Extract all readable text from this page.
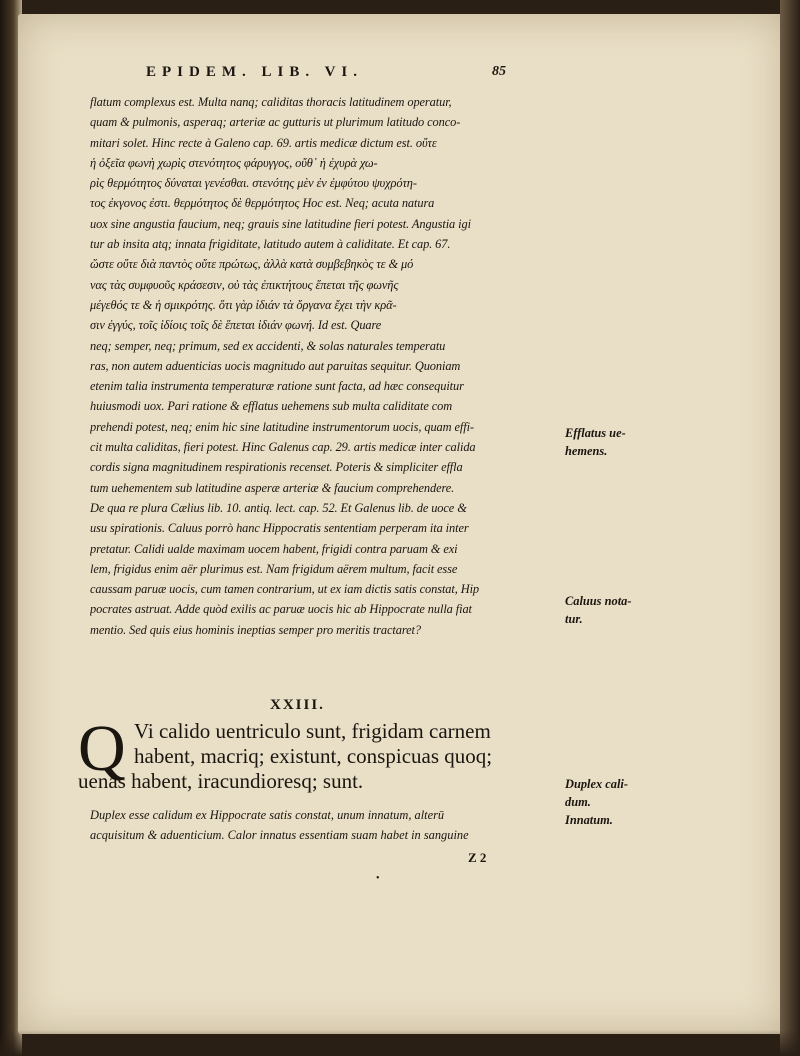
EPIDEM. LIB. VI.	85
flatum complexus est. Multa nanq; caliditas thoracis latitudinem operatur,
quam & pulmonis, asperaq; arteriæ ac gutturis ut plurimum latitudo conco-
mitari solet. Hinc recte à Galeno cap. 69. artis medicæ dictum est. οὔτε
ἡ ὀξεῖα φωνὴ χωρὶς στενότητος φάρυγγος, οὔθ᾽ ἡ ἐχυρὰ χω-
ρὶς θερμότητος δύναται γενέσθαι. στενότης μὲν ἐν ἐμφύτου ψυχρότη-
τος ἐκγονος ἐστι. θερμότητος δὲ θερμότητος Hoc est. Neq; acuta natura
uox sine angustia faucium, neq; grauis sine latitudine fieri potest. Angustia igi
tur ab insita atq; innata frigiditate, latitudo autem à caliditate. Et cap. 67.
ὥστε οὔτε διὰ παντὸς οὔτε πρώτως, ἀλλὰ κατὰ συμβεβηκὸς τε & μό
νας τὰς συμφυοῦς κράσεσιν, οὐ τὰς ἐπικτήτους ἕπεται τῆς φωνῆς
μέγεθός τε & ἡ σμικρότης. ὅτι γὰρ ἰδιάν τὰ ὄργανα ἔχει τὴν κρᾶ-
σιν ἐγγύς, τοῖς ἰδίοις τοῖς δὲ ἕπεται ἰδιάν φωνή. Id est. Quare
neq; semper, neq; primum, sed ex accidenti, & solas naturales temperatu
ras, non autem aduenticias uocis magnitudo aut paruitas sequitur. Quoniam
etenim talia instrumenta temperaturæ ratione sunt facta, ad hæc consequitur
huiusmodi uox. Pari ratione & efflatus uehemens sub multa caliditate com
prehendi potest, neq; enim hic sine latitudine instrumentorum uocis, quam effi-
cit multa caliditas, fieri potest. Hinc Galenus cap. 29. artis medicæ inter calida
cordis signa magnitudinem respirationis recenset. Poteris & simpliciter effla
tum uehementem sub latitudine asperæ arteriæ & faucium comprehendere.
De qua re plura Cælius lib. 10. antiq. lect. cap. 52. Et Galenus lib. de uoce &
usu spirationis. Caluus porrò hanc Hippocratis sententiam perperam ita inter
pretatur. Calidi ualde maximam uocem habent, frigidi contra paruam & exi
lem, frigidus enim aër plurimus est. Nam frigidum aërem multum, facit esse
caussam paruæ uocis, cum tamen contrarium, ut ex iam dictis satis constat, Hip
pocrates astruat. Adde quòd exilis ac paruæ uocis hic ab Hippocrate nulla fiat
mentio. Sed quis eius hominis ineptias semper pro meritis tractaret?
XXIII.
Q Vi calido uentriculo sunt, frigidam carnem
habent, macriq; existunt, conspicuas quoq;
uenas habent, iracundioresq; sunt.
Duplex esse calidum ex Hippocrate satis constat, unum innatum, alterū
acquisitum & aduenticium. Calor innatus essentiam suam habet in sanguine
Z 2
•
Efflatus ue-
hemens.
Caluus nota-
tur.
Duplex cali-
dum.
Innatum.
